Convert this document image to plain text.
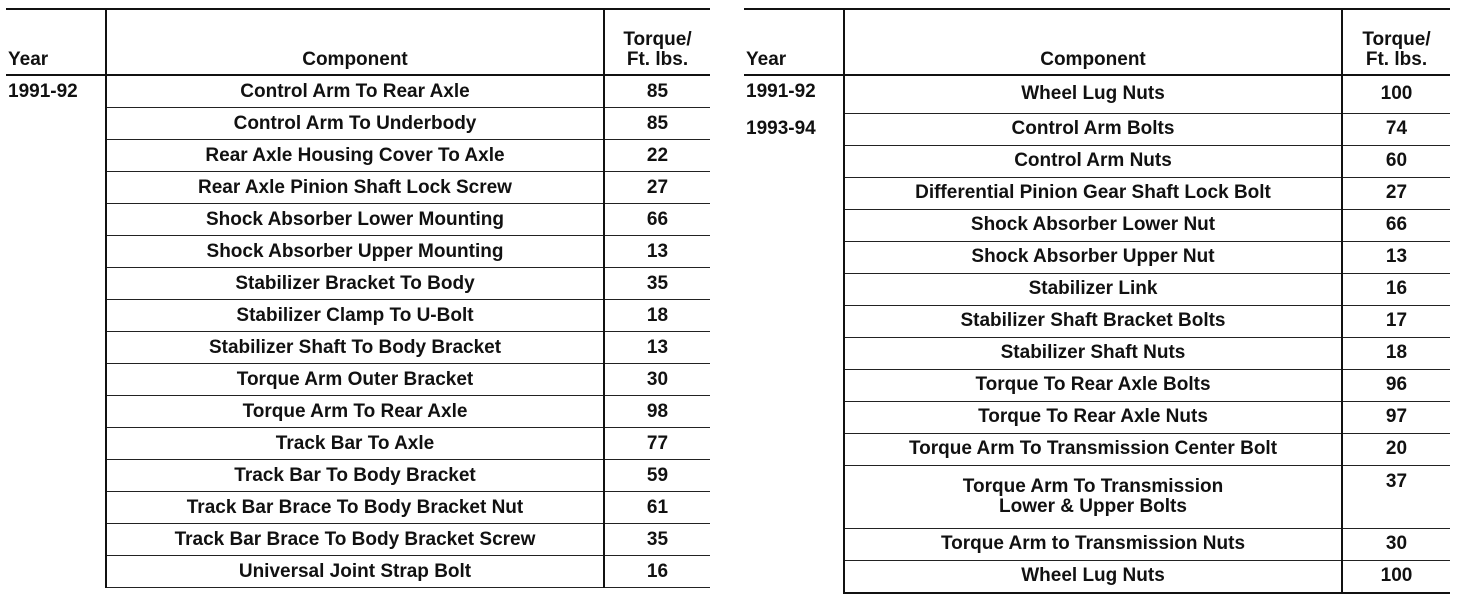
Year	Component	Torque/
Ft. lbs.

1991-92	Control Arm To Rear Axle	85
	Control Arm To Underbody	85
	Rear Axle Housing Cover To Axle	22
	Rear Axle Pinion Shaft Lock Screw	27
	Shock Absorber Lower Mounting	66
	Shock Absorber Upper Mounting	13
	Stabilizer Bracket To Body	35
	Stabilizer Clamp To U-Bolt	18
	Stabilizer Shaft To Body Bracket	13
	Torque Arm Outer Bracket	30
	Torque Arm To Rear Axle	98
	Track Bar To Axle	77
	Track Bar To Body Bracket	59
	Track Bar Brace To Body Bracket Nut	61
	Track Bar Brace To Body Bracket Screw	35
	Universal Joint Strap Bolt	16
Year	Component	Torque/
Ft. lbs.

1991-92	Wheel Lug Nuts	100
1993-94	Control Arm Bolts	74
	Control Arm Nuts	60
	Differential Pinion Gear Shaft Lock Bolt	27
	Shock Absorber Lower Nut	66
	Shock Absorber Upper Nut	13
	Stabilizer Link	16
	Stabilizer Shaft Bracket Bolts	17
	Stabilizer Shaft Nuts	18
	Torque To Rear Axle Bolts	96
	Torque To Rear Axle Nuts	97
	Torque Arm To Transmission Center Bolt	20
	Torque Arm To Transmission Lower & Upper Bolts	37
	Torque Arm to Transmission Nuts	30
	Wheel Lug Nuts	100
